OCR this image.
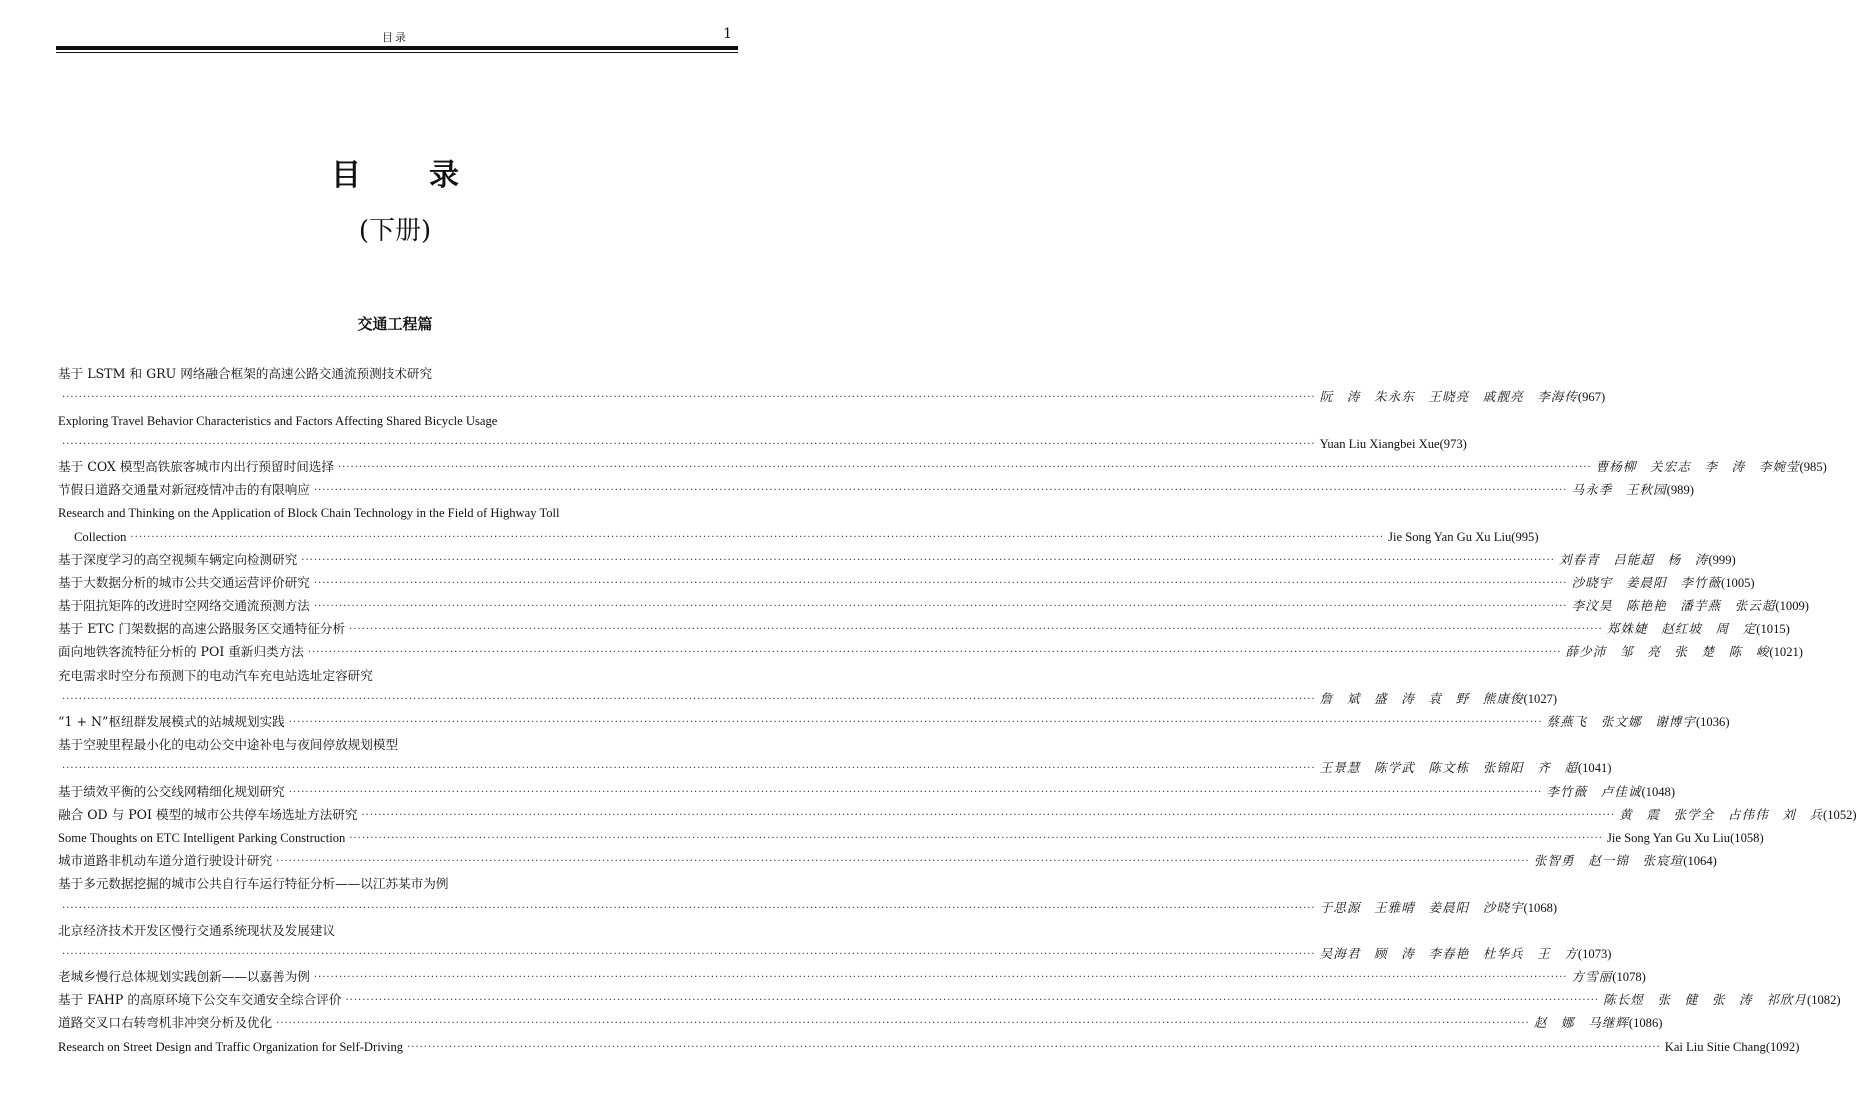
目录	1
目 录
(下册)
交通工程篇
基于 LSTM 和 GRU 网络融合框架的高速公路交通流预测技术研究
············································································································································································································································································································ 阮　涛　朱永东　王晓亮　戚靓亮　李海传 (967)
Exploring Travel Behavior Characteristics and Factors Affecting Shared Bicycle Usage
············································································································································································································································································································ Yuan Liu Xiangbei Xue (973)
基于 COX 模型高铁旅客城市内出行预留时间选择 ············································································································································································································································································································ 曹杨柳　关宏志　李　涛　李婉莹 (985)
节假日道路交通量对新冠疫情冲击的有限响应 ············································································································································································································································································································ 马永季　王秋园 (989)
Research and Thinking on the Application of Block Chain Technology in the Field of Highway Toll
Collection ············································································································································································································································································································ Jie Song Yan Gu Xu Liu (995)
基于深度学习的高空视频车辆定向检测研究 ············································································································································································································································································································ 刘春青　吕能超　杨　涛 (999)
基于大数据分析的城市公共交通运营评价研究 ············································································································································································································································································································ 沙晓宇　姜晨阳　李竹薇 (1005)
基于阻抗矩阵的改进时空网络交通流预测方法 ············································································································································································································································································································ 李汶昊　陈艳艳　潘芋燕　张云超 (1009)
基于 ETC 门架数据的高速公路服务区交通特征分析 ············································································································································································································································································································ 郑姝婕　赵红坡　周　定 (1015)
面向地铁客流特征分析的 POI 重新归类方法 ············································································································································································································································································································ 薛少沛　邹　亮　张　楚　陈　峻 (1021)
充电需求时空分布预测下的电动汽车充电站选址定容研究
············································································································································································································································································································ 詹　斌　盛　涛　袁　野　熊康俊 (1027)
“1 + N”枢纽群发展模式的站城规划实践 ············································································································································································································································································································ 蔡燕飞　张文娜　谢博宇 (1036)
基于空驶里程最小化的电动公交中途补电与夜间停放规划模型
············································································································································································································································································································ 王景慧　陈学武　陈文栋　张锦阳　齐　超 (1041)
基于绩效平衡的公交线网精细化规划研究 ············································································································································································································································································································ 李竹薇　卢佳诚 (1048)
融合 OD 与 POI 模型的城市公共停车场选址方法研究 ············································································································································································································································································································ 黄　震　张学全　占伟伟　刘　兵 (1052)
Some Thoughts on ETC Intelligent Parking Construction ············································································································································································································································································································ Jie Song Yan Gu Xu Liu (1058)
城市道路非机动车道分道行驶设计研究 ············································································································································································································································································································ 张智勇　赵一锦　张宸瑄 (1064)
基于多元数据挖掘的城市公共自行车运行特征分析——以江苏某市为例
············································································································································································································································································································ 于思源　王雅晴　姜晨阳　沙晓宇 (1068)
北京经济技术开发区慢行交通系统现状及发展建议
············································································································································································································································································································ 吴海君　顾　涛　李春艳　杜华兵　王　方 (1073)
老城乡慢行总体规划实践创新——以嘉善为例 ············································································································································································································································································································ 方雪丽 (1078)
基于 FAHP 的高原环境下公交车交通安全综合评价 ············································································································································································································································································································ 陈长煜　张　健　张　涛　祁欣月 (1082)
道路交叉口右转弯机非冲突分析及优化 ············································································································································································································································································································ 赵　娜　马继辉 (1086)
Research on Street Design and Traffic Organization for Self-Driving ············································································································································································································································································································ Kai Liu Sitie Chang (1092)
